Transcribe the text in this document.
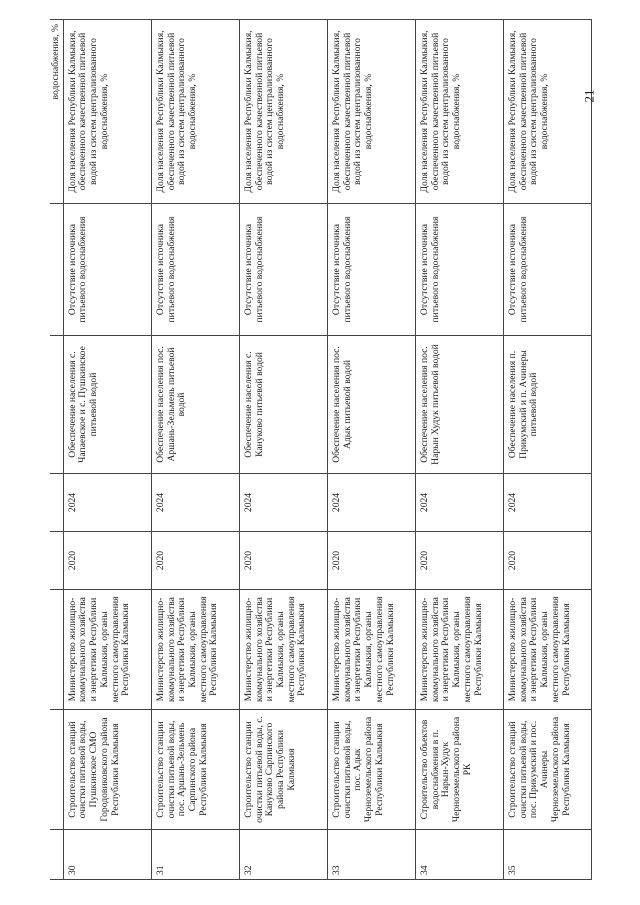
							водоснабжения, %
30	Строительство станций очистки питьевой воды, Пушкинское СМО Городовиковского района Республики Калмыкия	Министерство жилищно-коммунального хозяйства и энергетики Республики Калмыкия, органы местного самоуправления Республики Калмыкия	2020	2024	Обеспечение населения с. Чапаевское и с. Пушкинское питьевой водой	Отсутствие источника питьевого водоснабжения	Доля населения Республики Калмыкия, обеспеченного качественной питьевой водой из систем централизованного водоснабжения, %
31	Строительство станции очистки питьевой воды, пос. Аршань-Зельмень Сарпинского района Республики Калмыкия	Министерство жилищно-коммунального хозяйства и энергетики Республики Калмыкия, органы местного самоуправления Республики Калмыкия	2020	2024	Обеспечение населения пос. Аршань-Зельмень питьевой водой	Отсутствие источника питьевого водоснабжения	Доля населения Республики Калмыкия, обеспеченного качественной питьевой водой из систем централизованного водоснабжения, %
32	Строительство станции очистки питьевой воды, с. Кануково Сарпинского района Республики Калмыкия	Министерство жилищно-коммунального хозяйства и энергетики Республики Калмыкия, органы местного самоуправления Республики Калмыкия	2020	2024	Обеспечение населения с. Кануково питьевой водой	Отсутствие источника питьевого водоснабжения	Доля населения Республики Калмыкия, обеспеченного качественной питьевой водой из систем централизованного водоснабжения, %
33	Строительство станции очистки питьевой воды, пос. Адык Черноземельского района Республики Калмыкия	Министерство жилищно-коммунального хозяйства и энергетики Республики Калмыкия, органы местного самоуправления Республики Калмыкия	2020	2024	Обеспечение населения пос. Адык питьевой водой	Отсутствие источника питьевого водоснабжения	Доля населения Республики Калмыкия, обеспеченного качественной питьевой водой из систем централизованного водоснабжения, %
34	Строительство объектов водоснабжения в п. Нарын-Худук Черноземельского района РК	Министерство жилищно-коммунального хозяйства и энергетики Республики Калмыкия, органы местного самоуправления Республики Калмыкия	2020	2024	Обеспечение населения пос. Нарын Худук питьевой водой	Отсутствие источника питьевого водоснабжения	Доля населения Республики Калмыкия, обеспеченного качественной питьевой водой из систем централизованного водоснабжения, %
35	Строительство станций очистки питьевой воды, пос. Прикумский и пос. Ачинеры Черноземельского района Республики Калмыкия	Министерство жилищно-коммунального хозяйства и энергетики Республики Калмыкия, органы местного самоуправления Республики Калмыкия	2020	2024	Обеспечение населения п. Прикумский и п. Ачинеры питьевой водой	Отсутствие источника питьевого водоснабжения	Доля населения Республики Калмыкия, обеспеченного качественной питьевой водой из систем централизованного водоснабжения, % 21
